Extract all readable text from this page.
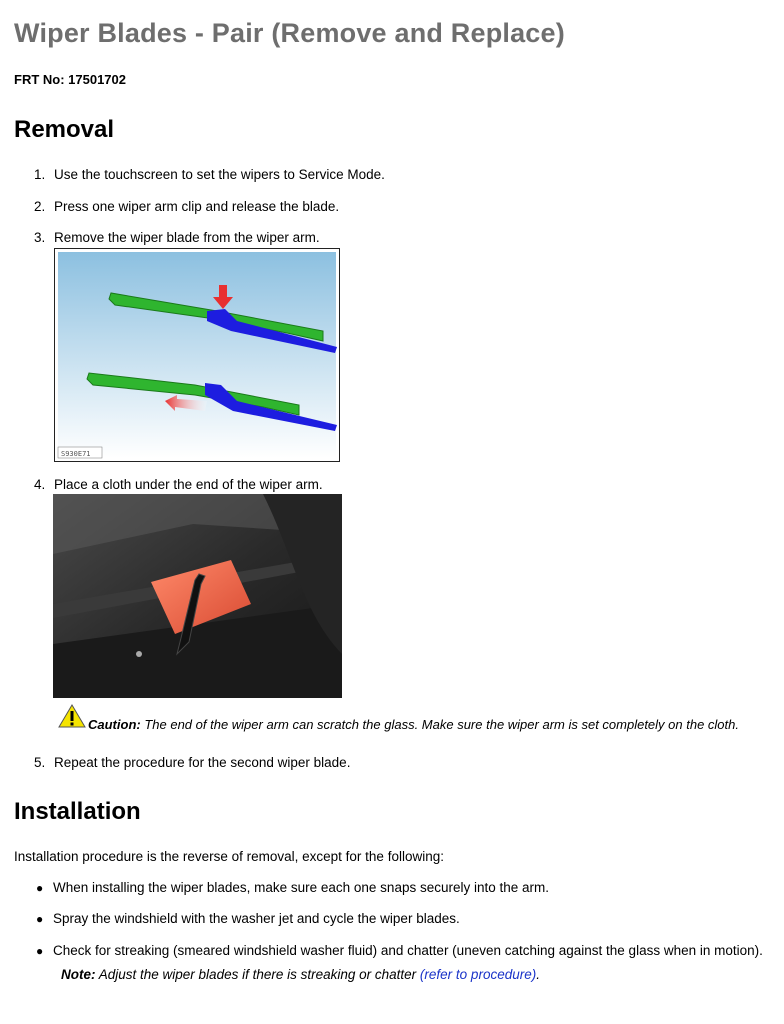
Wiper Blades - Pair (Remove and Replace)
FRT No: 17501702
Removal
1. Use the touchscreen to set the wipers to Service Mode.
2. Press one wiper arm clip and release the blade.
3. Remove the wiper blade from the wiper arm.
S930E71
4. Place a cloth under the end of the wiper arm.
Caution: The end of the wiper arm can scratch the glass. Make sure the wiper arm is set completely on the cloth.
5. Repeat the procedure for the second wiper blade.
Installation
Installation procedure is the reverse of removal, except for the following:
● When installing the wiper blades, make sure each one snaps securely into the arm.
● Spray the windshield with the washer jet and cycle the wiper blades.
● Check for streaking (smeared windshield washer fluid) and chatter (uneven catching against the glass when in motion).
Note: Adjust the wiper blades if there is streaking or chatter (refer to procedure).
